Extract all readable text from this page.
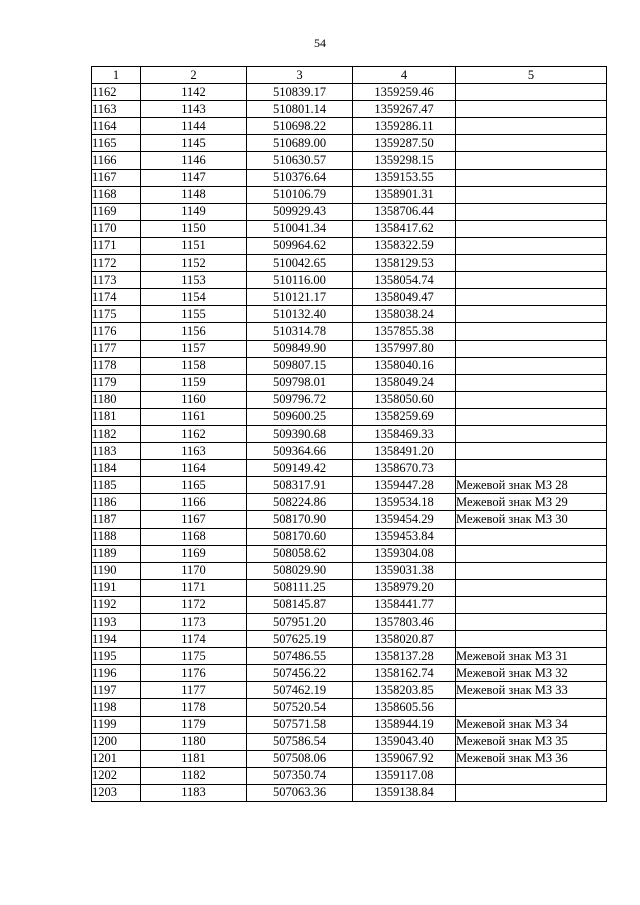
54
1	2	3	4	5
1162	1142	510839.17	1359259.46	
1163	1143	510801.14	1359267.47	
1164	1144	510698.22	1359286.11	
1165	1145	510689.00	1359287.50	
1166	1146	510630.57	1359298.15	
1167	1147	510376.64	1359153.55	
1168	1148	510106.79	1358901.31	
1169	1149	509929.43	1358706.44	
1170	1150	510041.34	1358417.62	
1171	1151	509964.62	1358322.59	
1172	1152	510042.65	1358129.53	
1173	1153	510116.00	1358054.74	
1174	1154	510121.17	1358049.47	
1175	1155	510132.40	1358038.24	
1176	1156	510314.78	1357855.38	
1177	1157	509849.90	1357997.80	
1178	1158	509807.15	1358040.16	
1179	1159	509798.01	1358049.24	
1180	1160	509796.72	1358050.60	
1181	1161	509600.25	1358259.69	
1182	1162	509390.68	1358469.33	
1183	1163	509364.66	1358491.20	
1184	1164	509149.42	1358670.73	
1185	1165	508317.91	1359447.28	Межевой знак МЗ 28
1186	1166	508224.86	1359534.18	Межевой знак МЗ 29
1187	1167	508170.90	1359454.29	Межевой знак МЗ 30
1188	1168	508170.60	1359453.84	
1189	1169	508058.62	1359304.08	
1190	1170	508029.90	1359031.38	
1191	1171	508111.25	1358979.20	
1192	1172	508145.87	1358441.77	
1193	1173	507951.20	1357803.46	
1194	1174	507625.19	1358020.87	
1195	1175	507486.55	1358137.28	Межевой знак МЗ 31
1196	1176	507456.22	1358162.74	Межевой знак МЗ 32
1197	1177	507462.19	1358203.85	Межевой знак МЗ 33
1198	1178	507520.54	1358605.56	
1199	1179	507571.58	1358944.19	Межевой знак МЗ 34
1200	1180	507586.54	1359043.40	Межевой знак МЗ 35
1201	1181	507508.06	1359067.92	Межевой знак МЗ 36
1202	1182	507350.74	1359117.08	
1203	1183	507063.36	1359138.84	
